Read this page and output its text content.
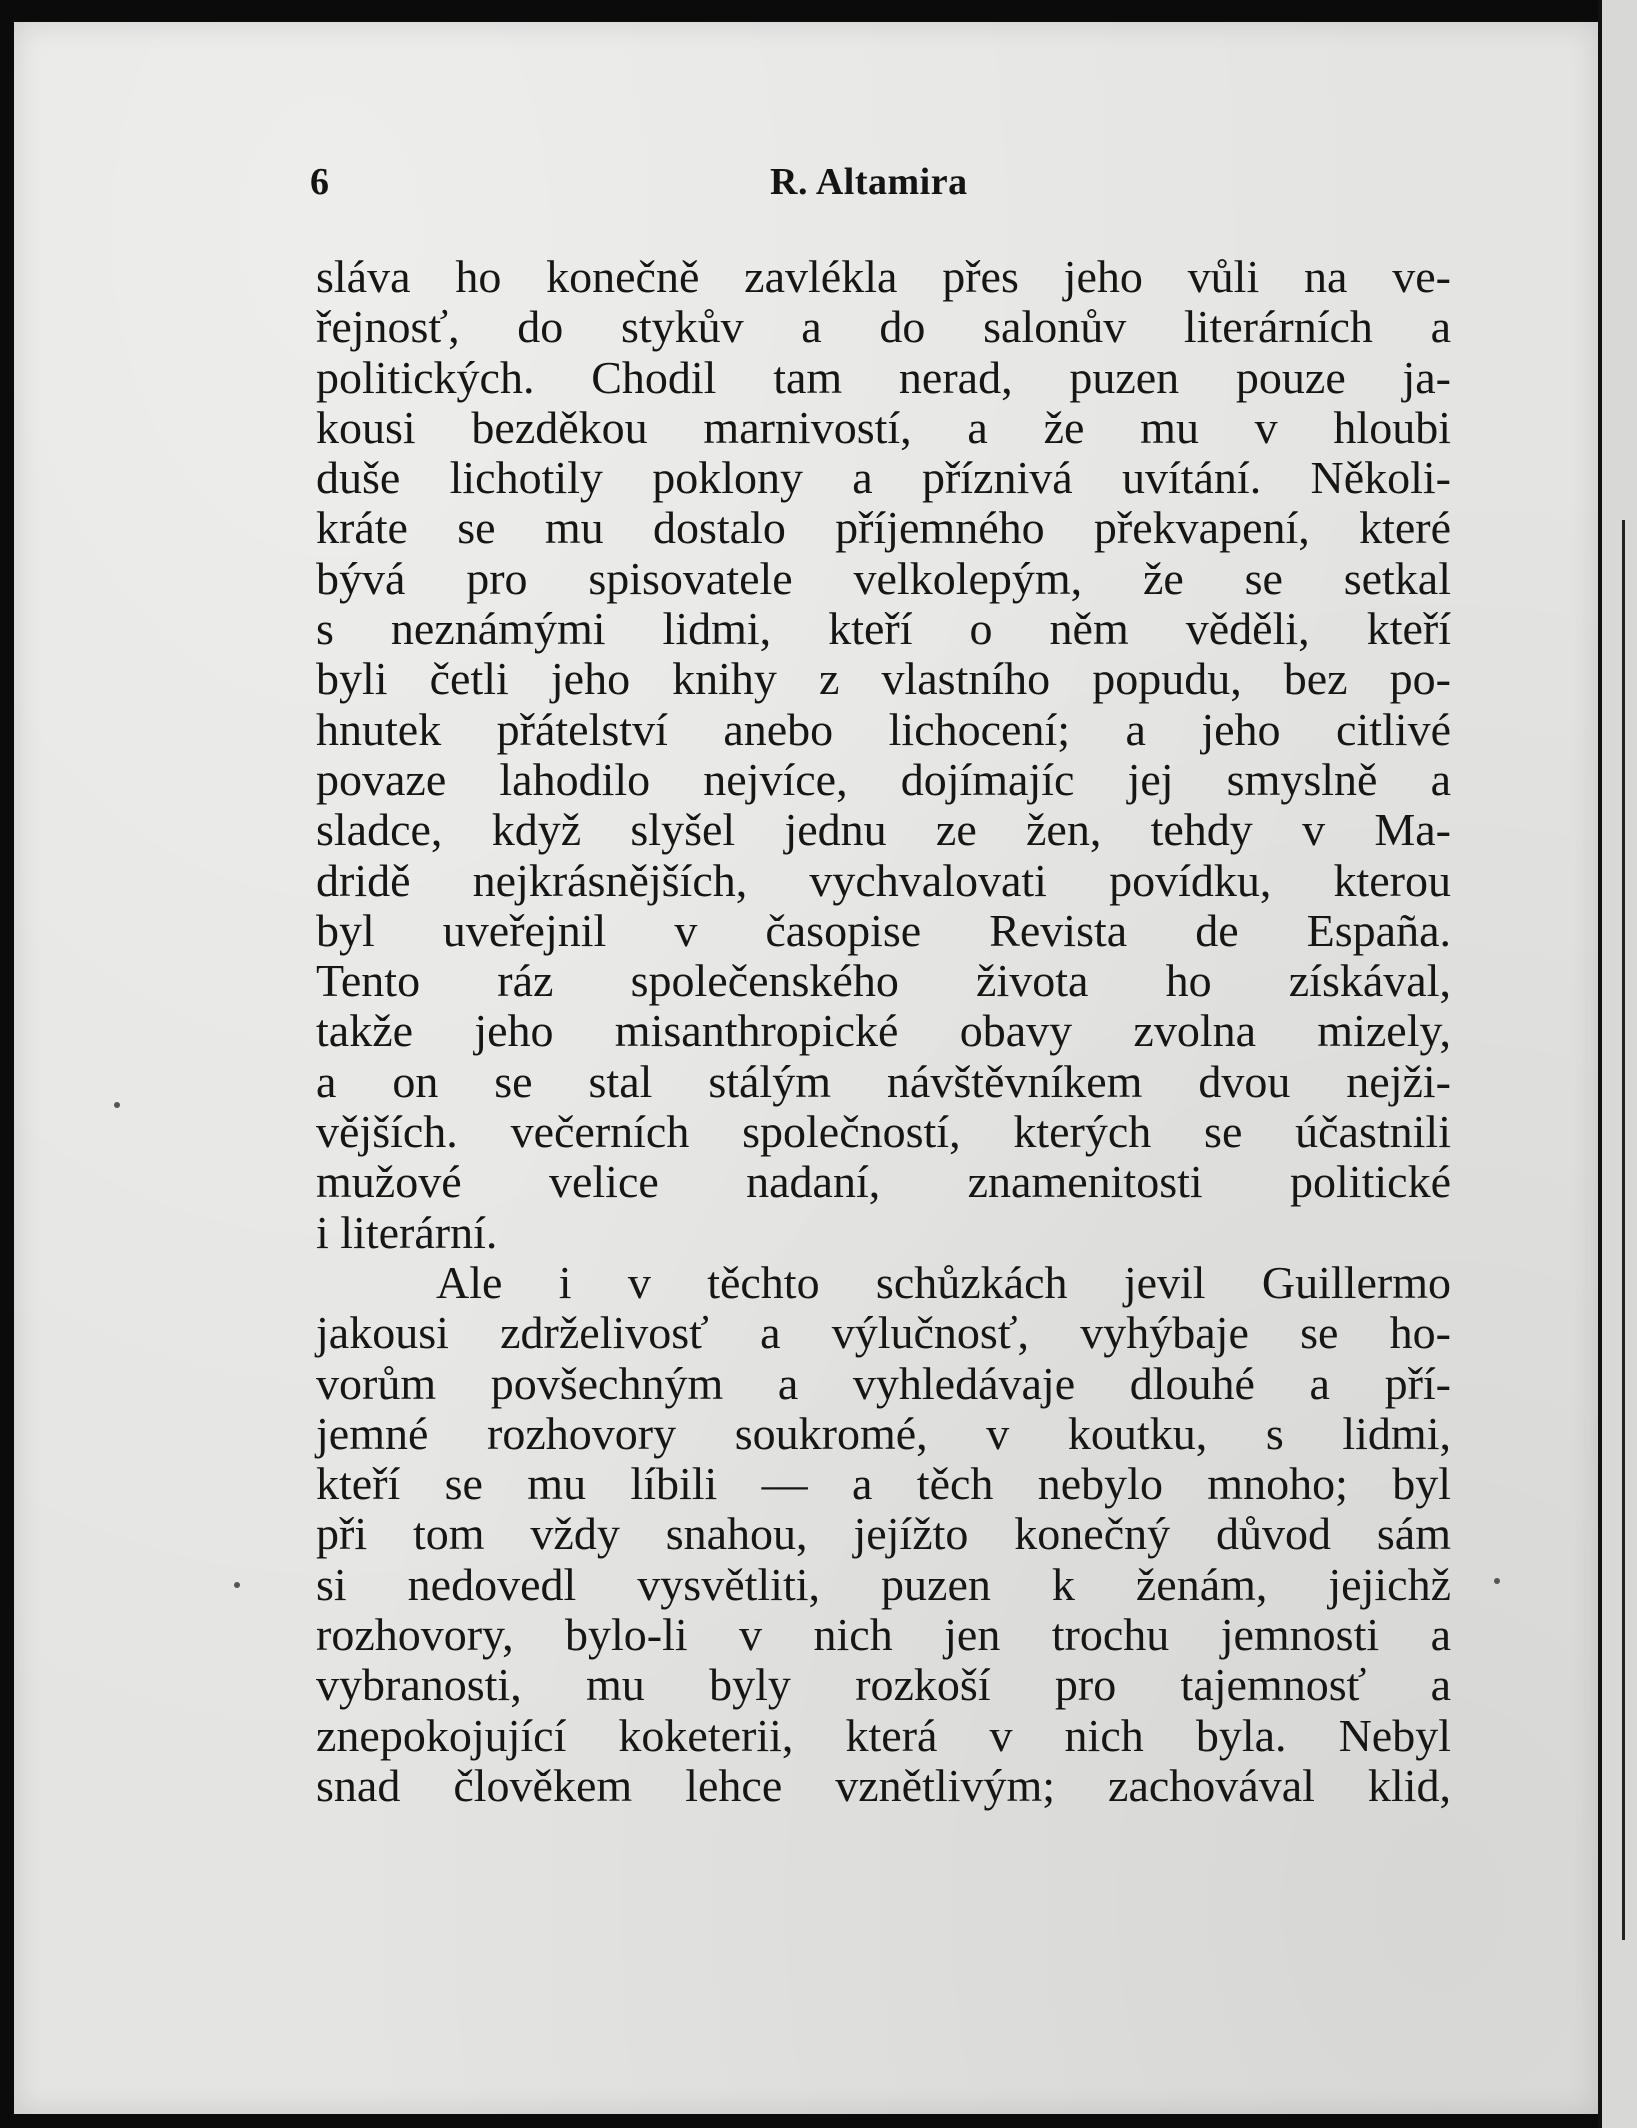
6	R. Altamira
sláva ho konečně zavlékla přes jeho vůli na ve-
řejnosť, do stykův a do salonův literárních a
politických. Chodil tam nerad, puzen pouze ja-
kousi bezděkou marnivostí, a že mu v hloubi
duše lichotily poklony a příznivá uvítání. Několi-
kráte se mu dostalo příjemného překvapení, které
bývá pro spisovatele velkolepým, že se setkal
s neznámými lidmi, kteří o něm věděli, kteří
byli četli jeho knihy z vlastního popudu, bez po-
hnutek přátelství anebo lichocení; a jeho citlivé
povaze lahodilo nejvíce, dojímajíc jej smyslně a
sladce, když slyšel jednu ze žen, tehdy v Ma-
dridě nejkrásnějších, vychvalovati povídku, kterou
byl uveřejnil v časopise Revista de España.
Tento ráz společenského života ho získával,
takže jeho misanthropické obavy zvolna mizely,
a on se stal stálým návštěvníkem dvou nejži-
vějších. večerních společností, kterých se účastnili
mužové velice nadaní, znamenitosti politické
i literární.
Ale i v těchto schůzkách jevil Guillermo
jakousi zdrželivosť a výlučnosť, vyhýbaje se ho-
vorům povšechným a vyhledávaje dlouhé a pří-
jemné rozhovory soukromé, v koutku, s lidmi,
kteří se mu líbili — a těch nebylo mnoho; byl
při tom vždy snahou, jejížto konečný důvod sám
si nedovedl vysvětliti, puzen k ženám, jejichž
rozhovory, bylo-li v nich jen trochu jemnosti a
vybranosti, mu byly rozkoší pro tajemnosť a
znepokojující koketerii, která v nich byla. Nebyl
snad člověkem lehce vznětlivým; zachovával klid,
